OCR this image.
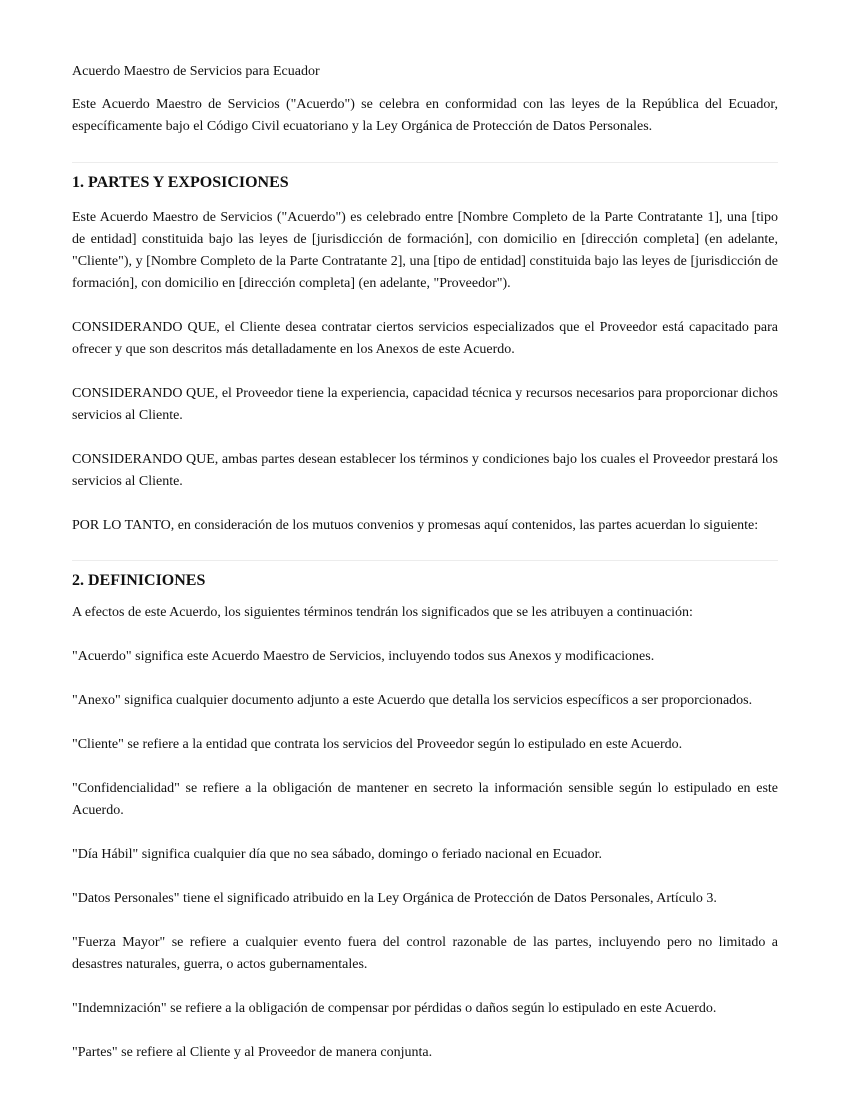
Acuerdo Maestro de Servicios para Ecuador

Este Acuerdo Maestro de Servicios ("Acuerdo") se celebra en conformidad con las leyes de la República del Ecuador, específicamente bajo el Código Civil ecuatoriano y la Ley Orgánica de Protección de Datos Personales.

1. PARTES Y EXPOSICIONES

Este Acuerdo Maestro de Servicios ("Acuerdo") es celebrado entre [Nombre Completo de la Parte Contratante 1], una [tipo de entidad] constituida bajo las leyes de [jurisdicción de formación], con domicilio en [dirección completa] (en adelante, "Cliente"), y [Nombre Completo de la Parte Contratante 2], una [tipo de entidad] constituida bajo las leyes de [jurisdicción de formación], con domicilio en [dirección completa] (en adelante, "Proveedor").

CONSIDERANDO QUE, el Cliente desea contratar ciertos servicios especializados que el Proveedor está capacitado para ofrecer y que son descritos más detalladamente en los Anexos de este Acuerdo.

CONSIDERANDO QUE, el Proveedor tiene la experiencia, capacidad técnica y recursos necesarios para proporcionar dichos servicios al Cliente.

CONSIDERANDO QUE, ambas partes desean establecer los términos y condiciones bajo los cuales el Proveedor prestará los servicios al Cliente.

POR LO TANTO, en consideración de los mutuos convenios y promesas aquí contenidos, las partes acuerdan lo siguiente:

2. DEFINICIONES

A efectos de este Acuerdo, los siguientes términos tendrán los significados que se les atribuyen a continuación:

"Acuerdo" significa este Acuerdo Maestro de Servicios, incluyendo todos sus Anexos y modificaciones.

"Anexo" significa cualquier documento adjunto a este Acuerdo que detalla los servicios específicos a ser proporcionados.

"Cliente" se refiere a la entidad que contrata los servicios del Proveedor según lo estipulado en este Acuerdo.

"Confidencialidad" se refiere a la obligación de mantener en secreto la información sensible según lo estipulado en este Acuerdo.

"Día Hábil" significa cualquier día que no sea sábado, domingo o feriado nacional en Ecuador.

"Datos Personales" tiene el significado atribuido en la Ley Orgánica de Protección de Datos Personales, Artículo 3.

"Fuerza Mayor" se refiere a cualquier evento fuera del control razonable de las partes, incluyendo pero no limitado a desastres naturales, guerra, o actos gubernamentales.

"Indemnización" se refiere a la obligación de compensar por pérdidas o daños según lo estipulado en este Acuerdo.

"Partes" se refiere al Cliente y al Proveedor de manera conjunta.
